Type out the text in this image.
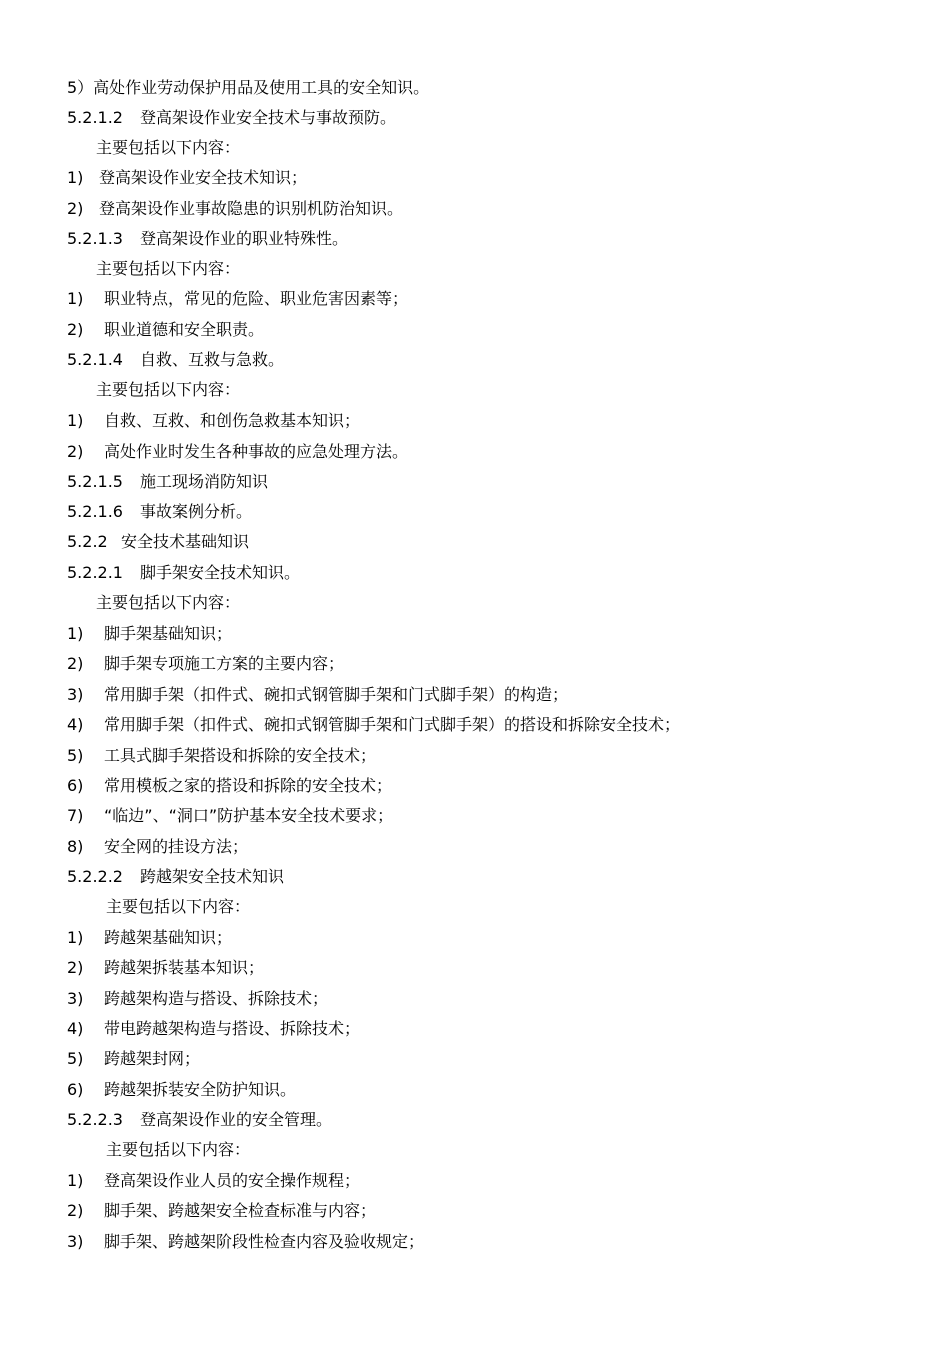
5）高处作业劳动保护用品及使用工具的安全知识。
5.2.1.2 登高架设作业安全技术与事故预防。
主要包括以下内容：
1) 登高架设作业安全技术知识；
2) 登高架设作业事故隐患的识别机防治知识。
5.2.1.3 登高架设作业的职业特殊性。
主要包括以下内容：
1) 职业特点，常见的危险、职业危害因素等；
2) 职业道德和安全职责。
5.2.1.4 自救、互救与急救。
主要包括以下内容：
1) 自救、互救、和创伤急救基本知识；
2) 高处作业时发生各种事故的应急处理方法。
5.2.1.5 施工现场消防知识
5.2.1.6 事故案例分析。
5.2.2 安全技术基础知识
5.2.2.1 脚手架安全技术知识。
主要包括以下内容：
1) 脚手架基础知识；
2) 脚手架专项施工方案的主要内容；
3) 常用脚手架（扣件式、碗扣式钢管脚手架和门式脚手架）的构造；
4) 常用脚手架（扣件式、碗扣式钢管脚手架和门式脚手架）的搭设和拆除安全技术；
5) 工具式脚手架搭设和拆除的安全技术；
6) 常用模板之家的搭设和拆除的安全技术；
7) “临边”、“洞口”防护基本安全技术要求；
8) 安全网的挂设方法；
5.2.2.2 跨越架安全技术知识
主要包括以下内容：
1) 跨越架基础知识；
2) 跨越架拆装基本知识；
3) 跨越架构造与搭设、拆除技术；
4) 带电跨越架构造与搭设、拆除技术；
5) 跨越架封网；
6) 跨越架拆装安全防护知识。
5.2.2.3 登高架设作业的安全管理。
主要包括以下内容：
1) 登高架设作业人员的安全操作规程；
2) 脚手架、跨越架安全检查标准与内容；
3) 脚手架、跨越架阶段性检查内容及验收规定；
